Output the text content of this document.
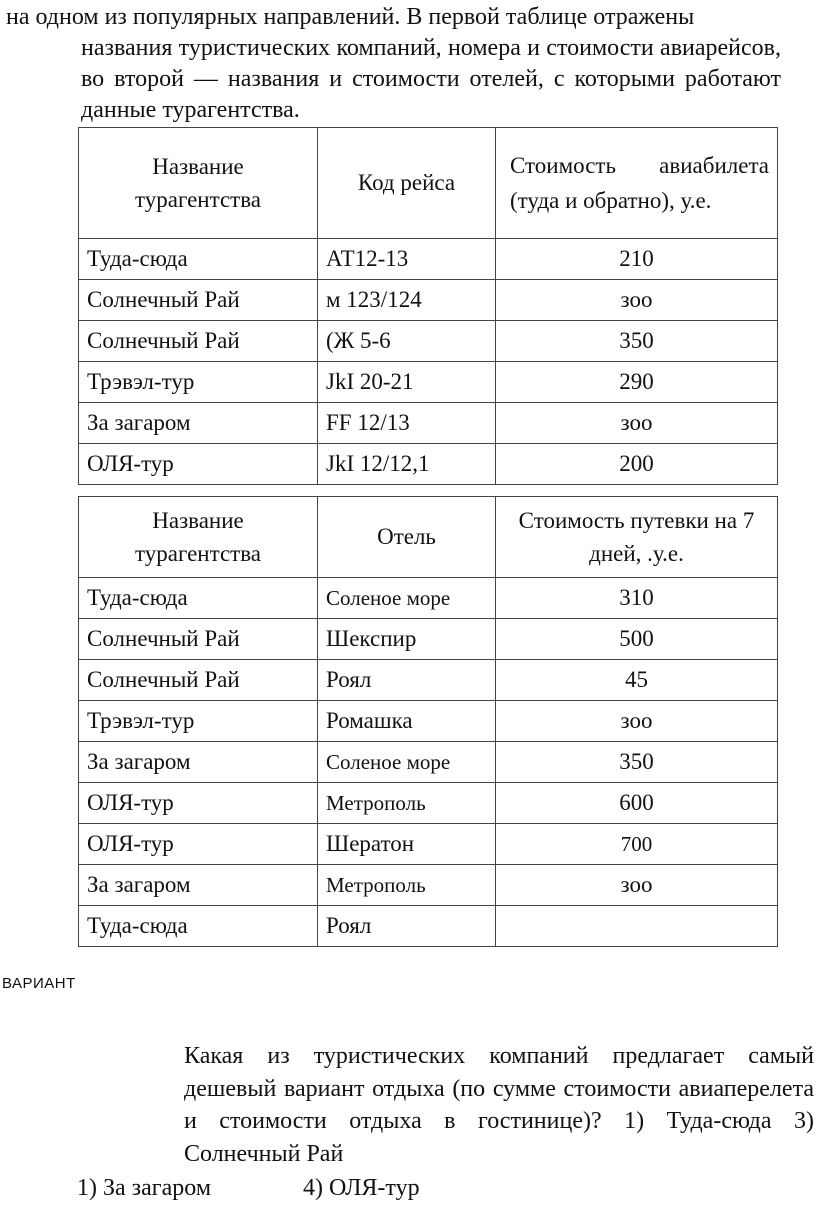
на одном из популярных направлений. В первой таблице отражены
названия туристических компаний, номера и стоимости авиарейсов, во второй — названия и стоимости отелей, с которыми работают данные турагентства.
Название турагентства	Код рейса	Стоимость авиабилета (туда и обратно), у.е.
Туда-сюда	АТ12-13	210
Солнечный Рай	м 123/124	зоо
Солнечный Рай	(Ж 5-6	350
Трэвэл-тур	JkI 20-21	290
За загаром	FF 12/13	зоо
ОЛЯ-тур	JkI 12/12,1	200
Название турагентства	Отель	Стоимость путевки на 7 дней, .у.е.
Туда-сюда	Соленое море	310
Солнечный Рай	Шекспир	500
Солнечный Рай	Роял	45
Трэвэл-тур	Ромашка	зоо
За загаром	Соленое море	350
ОЛЯ-тур	Метрополь	600
ОЛЯ-тур	Шератон	700
За загаром	Метрополь	зоо
Туда-сюда	Роял	
ВАРИАНТ
Какая из туристических компаний предлагает самый дешевый вариант отдыха (по сумме стоимости авиаперелета и стоимости отдыха в гостинице)? 1) Туда-сюда 3) Солнечный Рай
1) За загаром	4) ОЛЯ-тур
